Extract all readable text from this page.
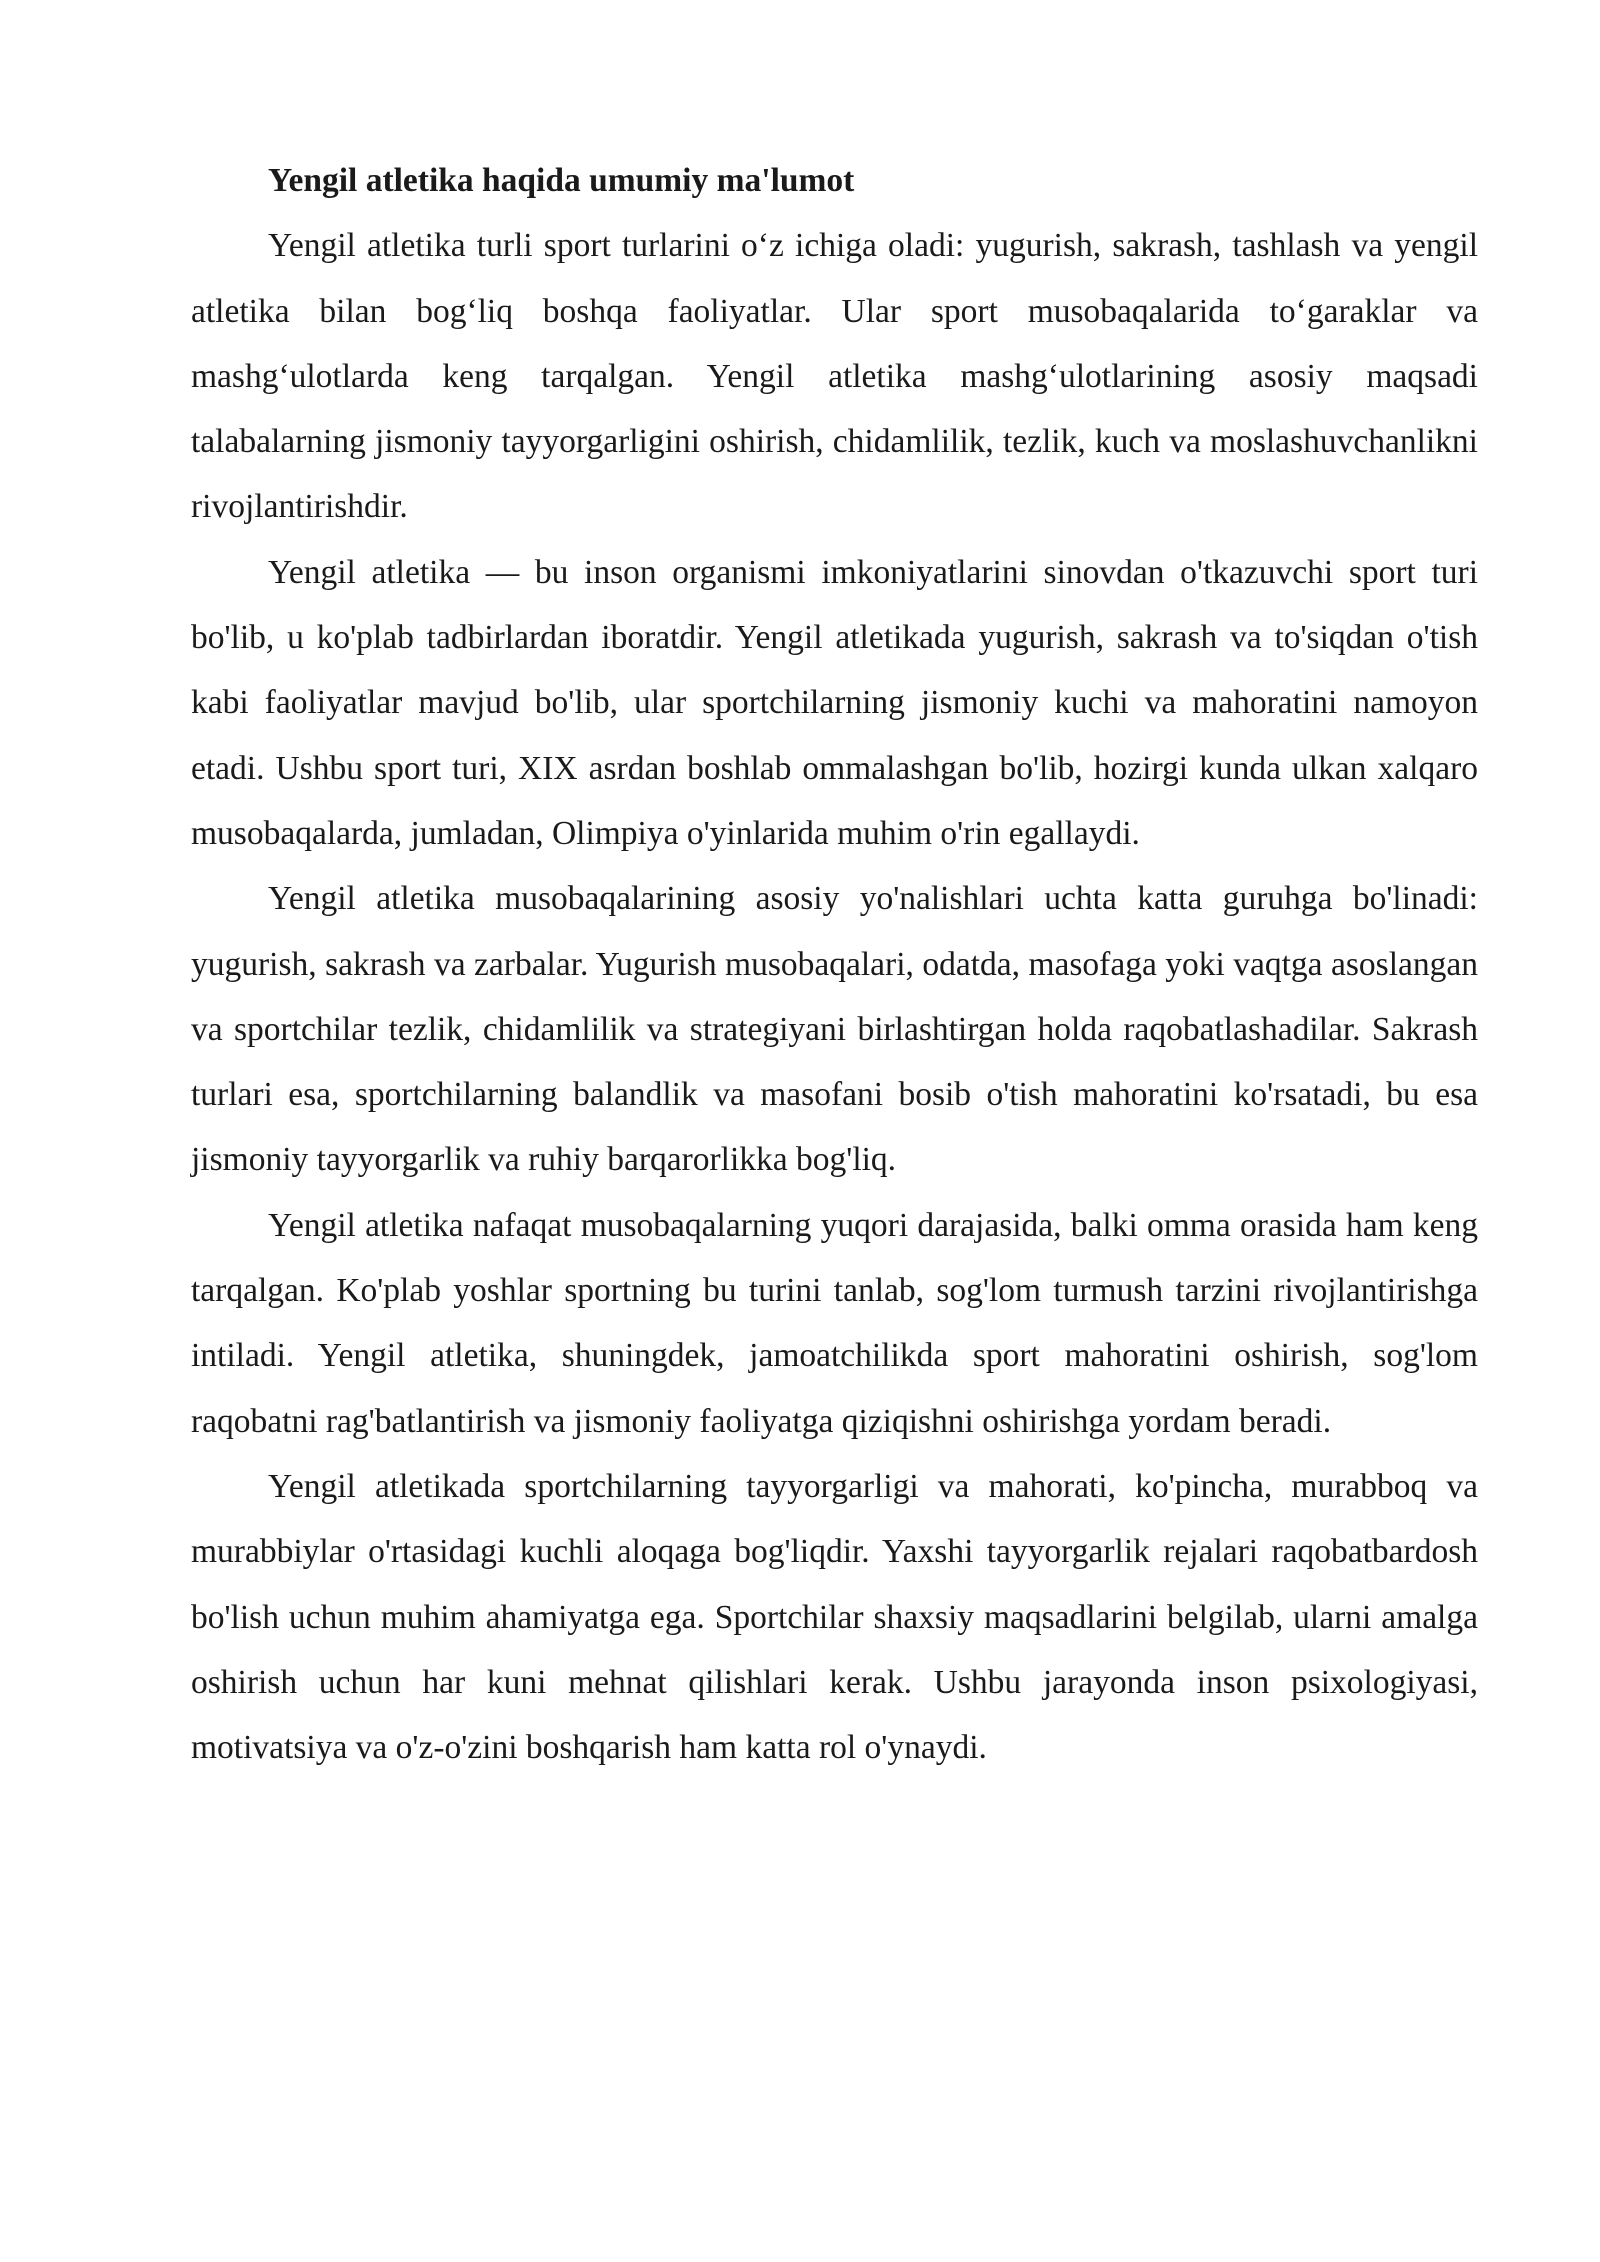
Yengil atletika haqida umumiy ma'lumot

Yengil atletika turli sport turlarini o‘z ichiga oladi: yugurish, sakrash, tashlash va yengil atletika bilan bog‘liq boshqa faoliyatlar. Ular sport musobaqalarida to‘garaklar va mashg‘ulotlarda keng tarqalgan. Yengil atletika mashg‘ulotlarining asosiy maqsadi talabalarning jismoniy tayyorgarligini oshirish, chidamlilik, tezlik, kuch va moslashuvchanlikni rivojlantirishdir.

Yengil atletika — bu inson organismi imkoniyatlarini sinovdan o'tkazuvchi sport turi bo'lib, u ko'plab tadbirlardan iboratdir. Yengil atletikada yugurish, sakrash va to'siqdan o'tish kabi faoliyatlar mavjud bo'lib, ular sportchilarning jismoniy kuchi va mahoratini namoyon etadi. Ushbu sport turi, XIX asrdan boshlab ommalashgan bo'lib, hozirgi kunda ulkan xalqaro musobaqalarda, jumladan, Olimpiya o'yinlarida muhim o'rin egallaydi.

Yengil atletika musobaqalarining asosiy yo'nalishlari uchta katta guruhga bo'linadi: yugurish, sakrash va zarbalar. Yugurish musobaqalari, odatda, masofaga yoki vaqtga asoslangan va sportchilar tezlik, chidamlilik va strategiyani birlashtirgan holda raqobatlashadilar. Sakrash turlari esa, sportchilarning balandlik va masofani bosib o'tish mahoratini ko'rsatadi, bu esa jismoniy tayyorgarlik va ruhiy barqarorlikka bog'liq.

Yengil atletika nafaqat musobaqalarning yuqori darajasida, balki omma orasida ham keng tarqalgan. Ko'plab yoshlar sportning bu turini tanlab, sog'lom turmush tarzini rivojlantirishga intiladi. Yengil atletika, shuningdek, jamoatchilikda sport mahoratini oshirish, sog'lom raqobatni rag'batlantirish va jismoniy faoliyatga qiziqishni oshirishga yordam beradi.

Yengil atletikada sportchilarning tayyorgarligi va mahorati, ko'pincha, murabboq va murabbiylar o'rtasidagi kuchli aloqaga bog'liqdir. Yaxshi tayyorgarlik rejalari raqobatbardosh bo'lish uchun muhim ahamiyatga ega. Sportchilar shaxsiy maqsadlarini belgilab, ularni amalga oshirish uchun har kuni mehnat qilishlari kerak. Ushbu jarayonda inson psixologiyasi, motivatsiya va o'z-o'zini boshqarish ham katta rol o'ynaydi.
